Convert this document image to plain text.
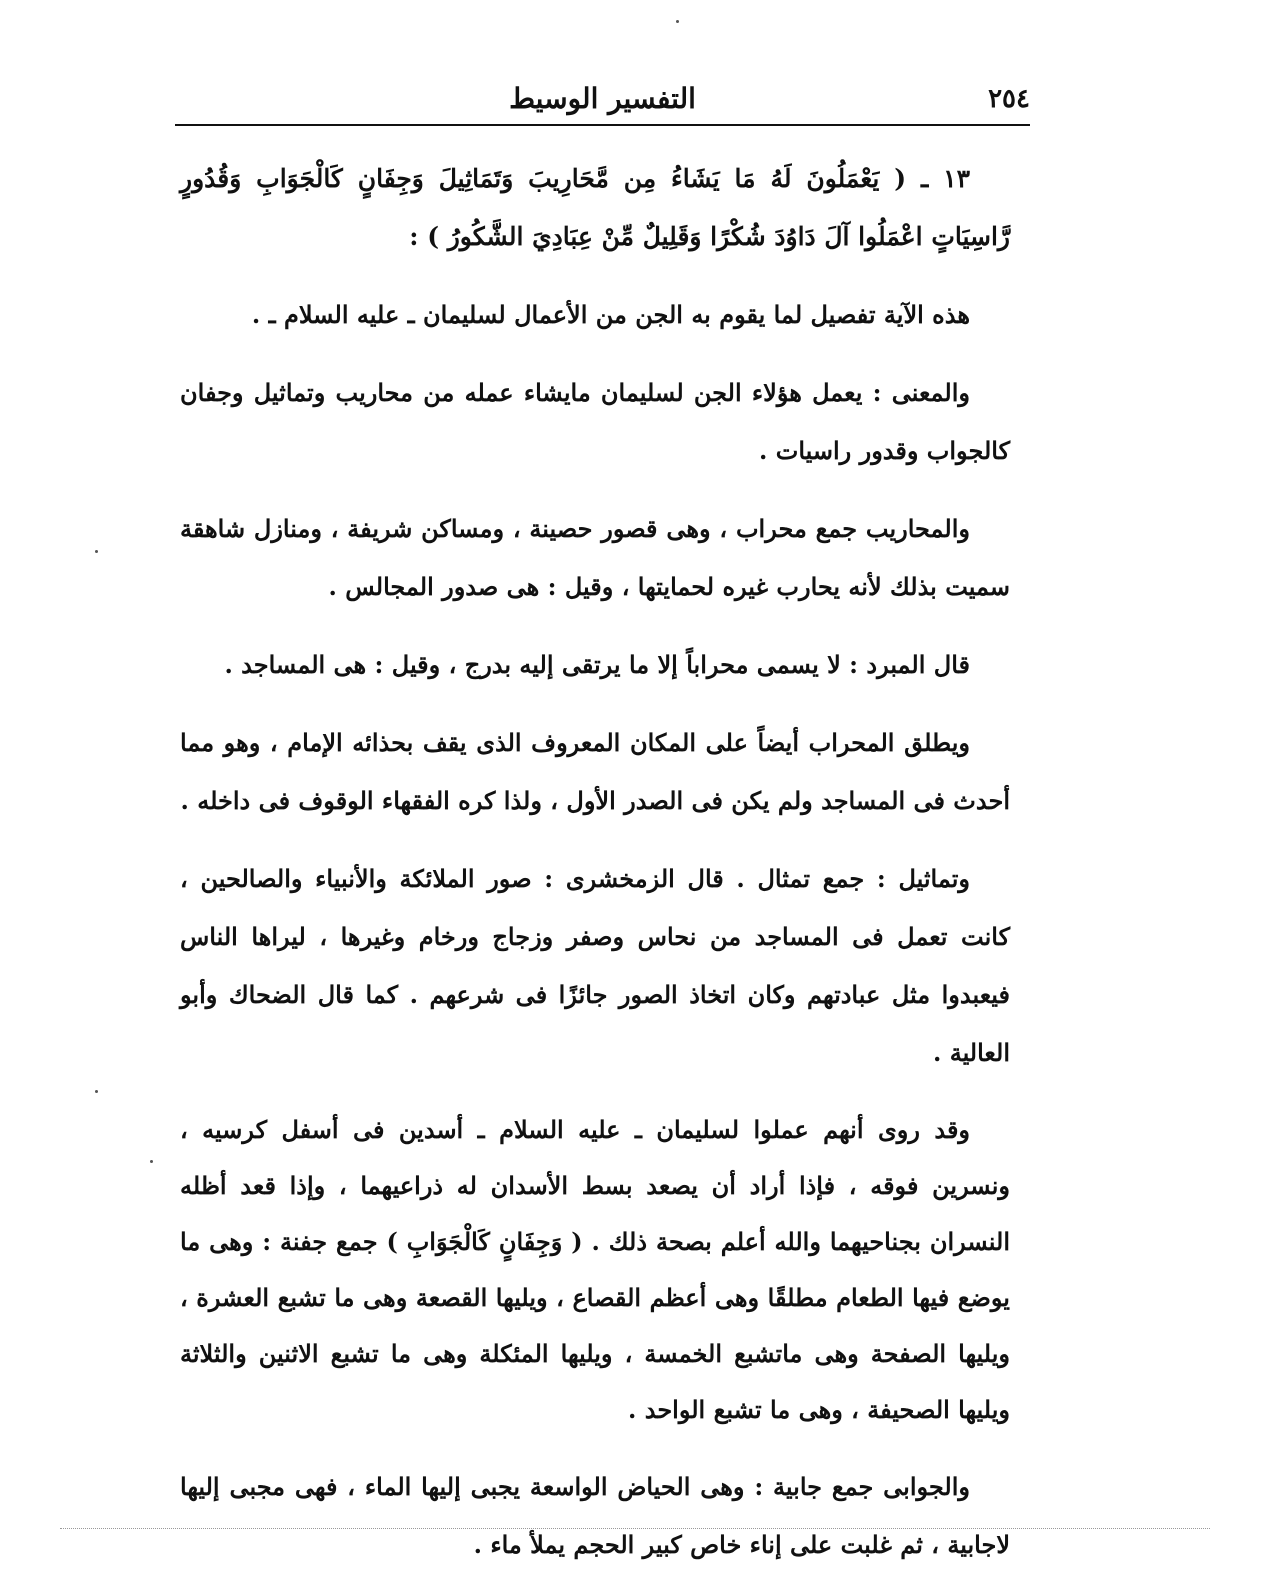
٢٥٤
التفسير الوسيط

١٣ ـ ( يَعْمَلُونَ لَهُ مَا يَشَاءُ مِن مَّحَارِيبَ وَتَمَاثِيلَ وَجِفَانٍ كَالْجَوَابِ وَقُدُورٍ رَّاسِيَاتٍ اعْمَلُوا آلَ دَاوُدَ شُكْرًا وَقَلِيلٌ مِّنْ عِبَادِيَ الشَّكُورُ ) :

هذه الآية تفصيل لما يقوم به الجن من الأعمال لسليمان ـ عليه السلام ـ .

والمعنى : يعمل هؤلاء الجن لسليمان مايشاء عمله من محاريب وتماثيل وجفان كالجواب وقدور راسيات .

والمحاريب جمع محراب ، وهى قصور حصينة ، ومساكن شريفة ، ومنازل شاهقة سميت بذلك لأنه يحارب غيره لحمايتها ، وقيل : هى صدور المجالس .

قال المبرد : لا يسمى محراباً إلا ما يرتقى إليه بدرج ، وقيل : هى المساجد .

ويطلق المحراب أيضاً على المكان المعروف الذى يقف بحذائه الإمام ، وهو مما أحدث فى المساجد ولم يكن فى الصدر الأول ، ولذا كره الفقهاء الوقوف فى داخله .

وتماثيل : جمع تمثال . قال الزمخشرى : صور الملائكة والأنبياء والصالحين ، كانت تعمل فى المساجد من نحاس وصفر وزجاج ورخام وغيرها ، ليراها الناس فيعبدوا مثل عبادتهم وكان اتخاذ الصور جائزًا فى شرعهم . كما قال الضحاك وأبو العالية .

وقد روى أنهم عملوا لسليمان ـ عليه السلام ـ أسدين فى أسفل كرسيه ، ونسرين فوقه ، فإذا أراد أن يصعد بسط الأسدان له ذراعيهما ، وإذا قعد أظله النسران بجناحيهما والله أعلم بصحة ذلك . ( وَجِفَانٍ كَالْجَوَابِ ) جمع جفنة : وهى ما يوضع فيها الطعام مطلقًا وهى أعظم القصاع ، ويليها القصعة وهى ما تشبع العشرة ، ويليها الصفحة وهى ماتشبع الخمسة ، ويليها المئكلة وهى ما تشبع الاثنين والثلاثة ويليها الصحيفة ، وهى ما تشبع الواحد .

والجوابى جمع جابية : وهى الحياض الواسعة يجبى إليها الماء ، فهى مجبى إليها لاجابية ، ثم غلبت على إناء خاص كبير الحجم يملأ ماء .
